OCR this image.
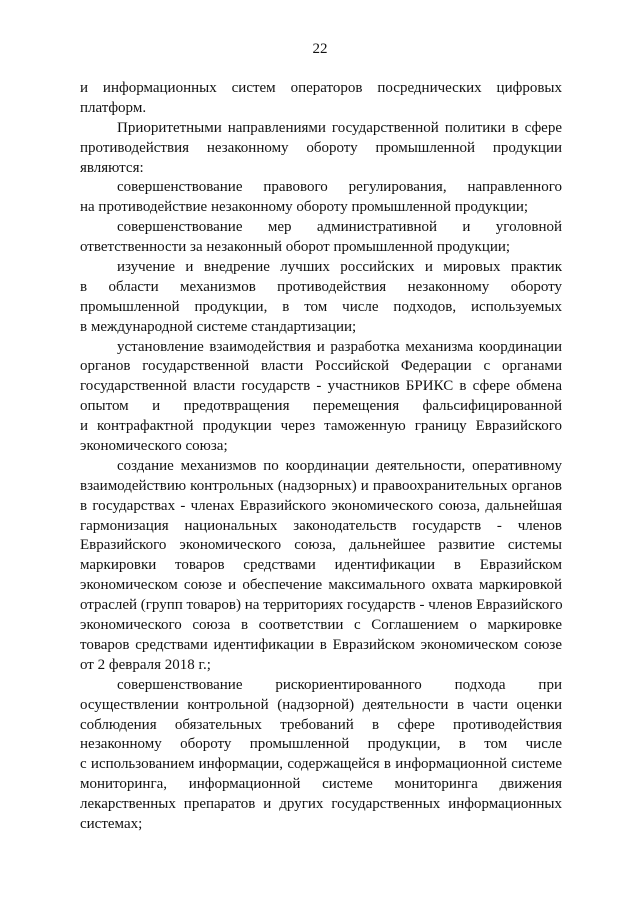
22
и информационных систем операторов посреднических цифровых
платформ.
Приоритетными направлениями государственной политики в сфере
противодействия незаконному обороту промышленной продукции
являются:
совершенствование правового регулирования, направленного
на противодействие незаконному обороту промышленной продукции;
совершенствование мер административной и уголовной
ответственности за незаконный оборот промышленной продукции;
изучение и внедрение лучших российских и мировых практик
в области механизмов противодействия незаконному обороту
промышленной продукции, в том числе подходов, используемых
в международной системе стандартизации;
установление взаимодействия и разработка механизма координации
органов государственной власти Российской Федерации с органами
государственной власти государств - участников БРИКС в сфере обмена
опытом и предотвращения перемещения фальсифицированной
и контрафактной продукции через таможенную границу Евразийского
экономического союза;
создание механизмов по координации деятельности, оперативному
взаимодействию контрольных (надзорных) и правоохранительных органов
в государствах - членах Евразийского экономического союза, дальнейшая
гармонизация национальных законодательств государств - членов
Евразийского экономического союза, дальнейшее развитие системы
маркировки товаров средствами идентификации в Евразийском
экономическом союзе и обеспечение максимального охвата маркировкой
отраслей (групп товаров) на территориях государств - членов Евразийского
экономического союза в соответствии с Соглашением о маркировке
товаров средствами идентификации в Евразийском экономическом союзе
от 2 февраля 2018 г.;
совершенствование рискориентированного подхода при
осуществлении контрольной (надзорной) деятельности в части оценки
соблюдения обязательных требований в сфере противодействия
незаконному обороту промышленной продукции, в том числе
с использованием информации, содержащейся в информационной системе
мониторинга, информационной системе мониторинга движения
лекарственных препаратов и других государственных информационных
системах;
